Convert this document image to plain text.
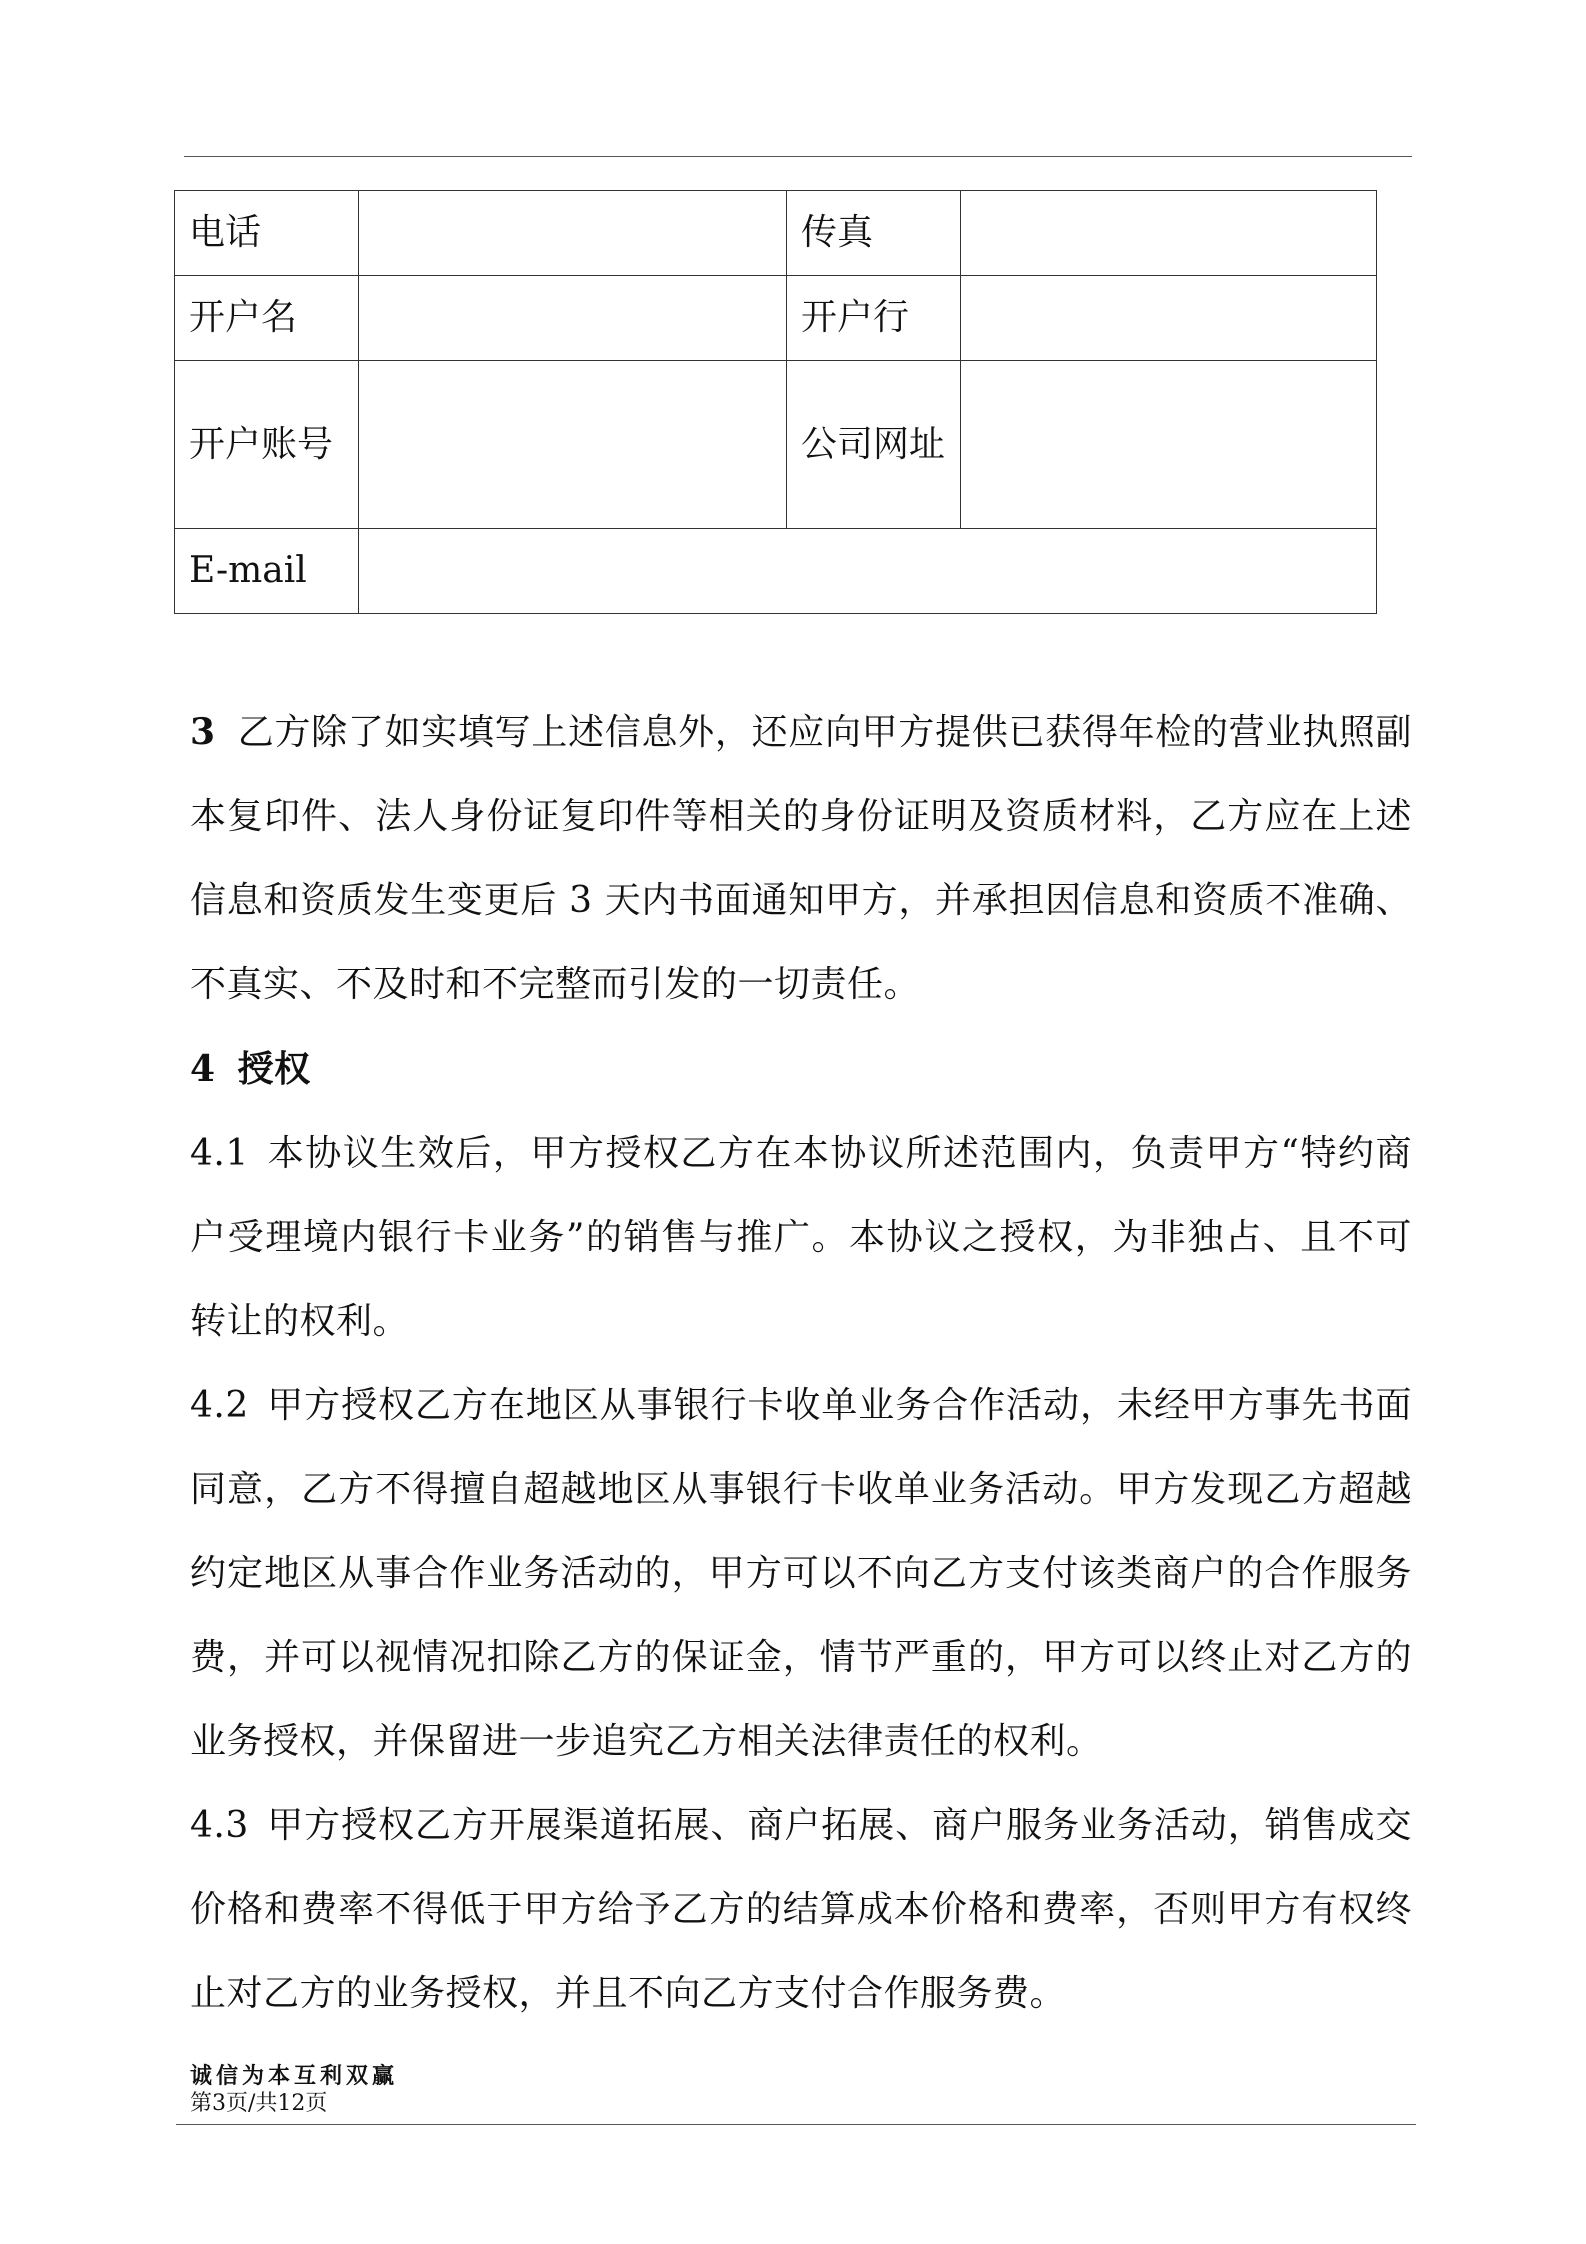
电话		传真	
开户名		开户行	
开户账号		公司网址	
E-mail			

3 乙方除了如实填写上述信息外，还应向甲方提供已获得年检的营业执照副本复印件、法人身份证复印件等相关的身份证明及资质材料，乙方应在上述信息和资质发生变更后 3 天内书面通知甲方，并承担因信息和资质不准确、不真实、不及时和不完整而引发的一切责任。

4 授权

4.1 本协议生效后，甲方授权乙方在本协议所述范围内，负责甲方“特约商户受理境内银行卡业务”的销售与推广。本协议之授权，为非独占、且不可转让的权利。

4.2 甲方授权乙方在地区从事银行卡收单业务合作活动，未经甲方事先书面同意，乙方不得擅自超越地区从事银行卡收单业务活动。甲方发现乙方超越约定地区从事合作业务活动的，甲方可以不向乙方支付该类商户的合作服务费，并可以视情况扣除乙方的保证金，情节严重的，甲方可以终止对乙方的业务授权，并保留进一步追究乙方相关法律责任的权利。

4.3 甲方授权乙方开展渠道拓展、商户拓展、商户服务业务活动，销售成交价格和费率不得低于甲方给予乙方的结算成本价格和费率，否则甲方有权终止对乙方的业务授权，并且不向乙方支付合作服务费。

诚信为本互利双赢
第3页/共12页
